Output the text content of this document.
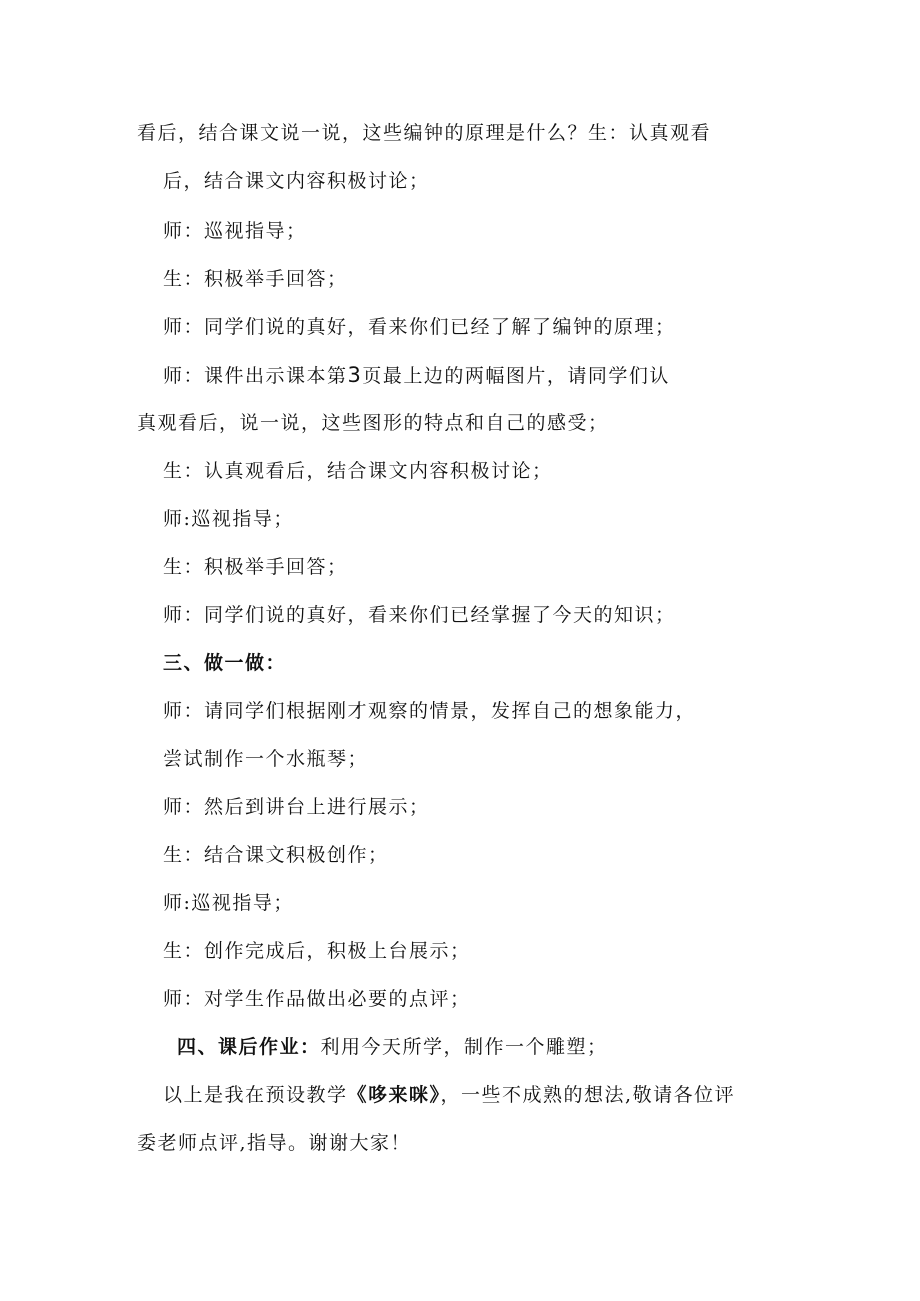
看后，结合课文说一说，这些编钟的原理是什么？生：认真观看
后，结合课文内容积极讨论；
师：巡视指导；
生：积极举手回答；
师：同学们说的真好，看来你们已经了解了编钟的原理；
师：课件出示课本第3页最上边的两幅图片，请同学们认
真观看后，说一说，这些图形的特点和自己的感受；
生：认真观看后，结合课文内容积极讨论；
师:巡视指导；
生：积极举手回答；
师：同学们说的真好，看来你们已经掌握了今天的知识；
三、做一做：
师：请同学们根据刚才观察的情景，发挥自己的想象能力，
尝试制作一个水瓶琴；
师：然后到讲台上进行展示；
生：结合课文积极创作；
师:巡视指导；
生：创作完成后，积极上台展示；
师：对学生作品做出必要的点评；
四、课后作业：利用今天所学，制作一个雕塑；
以上是我在预设教学《哆来咪》，一些不成熟的想法,敬请各位评
委老师点评,指导。谢谢大家！
